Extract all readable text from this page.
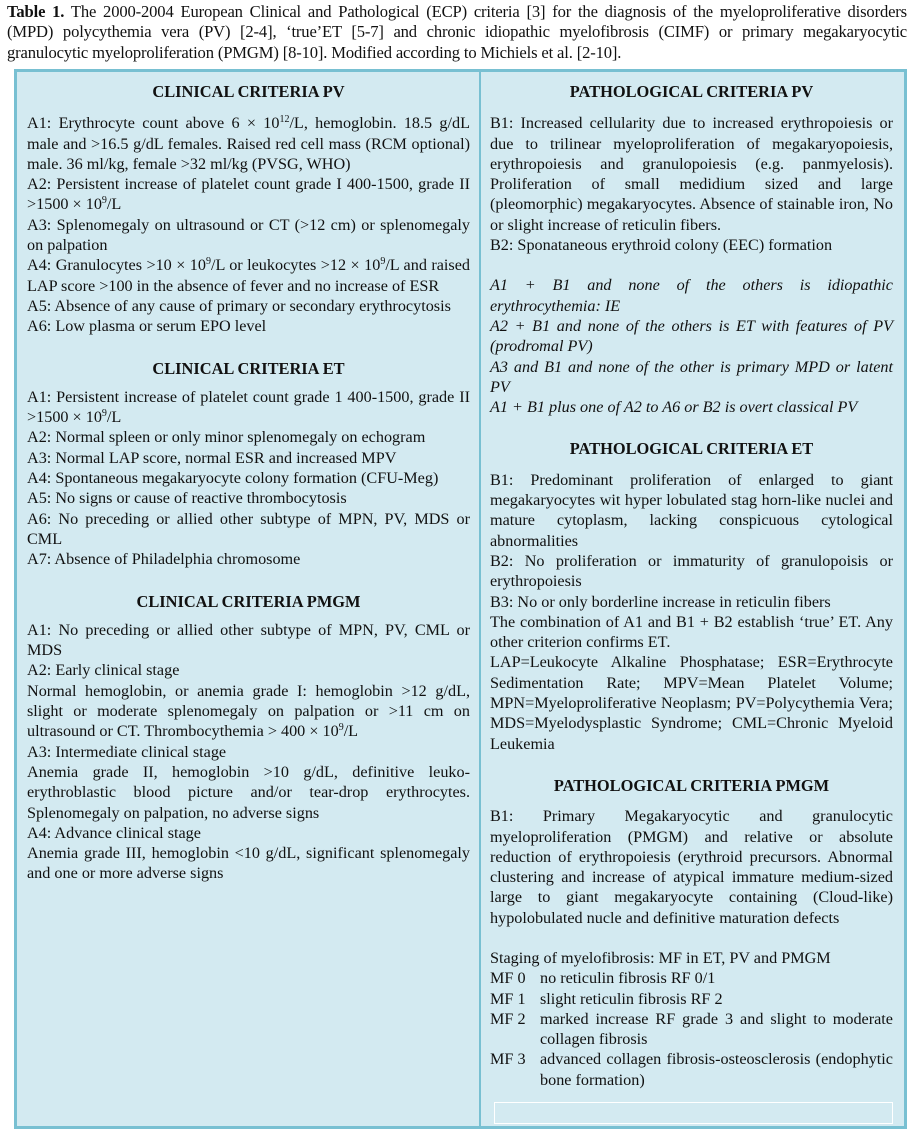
Table 1. The 2000-2004 European Clinical and Pathological (ECP) criteria [3] for the diagnosis of the myeloproliferative disorders (MPD) polycythemia vera (PV) [2-4], ‘true’ET [5-7] and chronic idiopathic myelofibrosis (CIMF) or primary megakaryocytic granulocytic myeloproliferation (PMGM) [8-10]. Modified according to Michiels et al. [2-10].
CLINICAL CRITERIA PV

A1: Erythrocyte count above $6 \times 10^{12}/L$, hemoglobin. 18.5 g/dL male and >16.5 g/dL females. Raised red cell mass (RCM optional) male. 36 ml/kg, female >32 ml/kg (PVSG, WHO)

A2: Persistent increase of platelet count grade I 400-1500, grade II $>1500 \times 10^9/L$

A3: Splenomegaly on ultrasound or CT (>12 cm) or splenomegaly on palpation

A4: Granulocytes $>10 \times 10^9/L$ or leukocytes $>12 \times 10^9/L$ and raised LAP score >100 in the absence of fever and no increase of ESR

A5: Absence of any cause of primary or secondary erythrocytosis

A6: Low plasma or serum EPO level

CLINICAL CRITERIA ET

A1: Persistent increase of platelet count grade 1 400-1500, grade II $>1500 \times 10^9/L$

A2: Normal spleen or only minor splenomegaly on echogram

A3: Normal LAP score, normal ESR and increased MPV

A4: Spontaneous megakaryocyte colony formation (CFU-Meg)

A5: No signs or cause of reactive thrombocytosis

A6: No preceding or allied other subtype of MPN, PV, MDS or CML

A7: Absence of Philadelphia chromosome

CLINICAL CRITERIA PMGM

A1: No preceding or allied other subtype of MPN, PV, CML or MDS

A2: Early clinical stage

Normal hemoglobin, or anemia grade I: hemoglobin >12 g/dL, slight or moderate splenomegaly on palpation or >11 cm on ultrasound or CT. Thrombocythemia > $400 \times 10^9/L$

A3: Intermediate clinical stage

Anemia grade II, hemoglobin >10 g/dL, definitive leuko-erythroblastic blood picture and/or tear-drop erythrocytes. Splenomegaly on palpation, no adverse signs

A4: Advance clinical stage

Anemia grade III, hemoglobin <10 g/dL, significant splenomegaly and one or more adverse signs

PATHOLOGICAL CRITERIA PV

B1: Increased cellularity due to increased erythropoiesis or due to trilinear myeloproliferation of megakaryopoiesis, erythropoiesis and granulopoiesis (e.g. panmyelosis). Proliferation of small medidium sized and large (pleomorphic) megakaryocytes. Absence of stainable iron, No or slight increase of reticulin fibers.

B2: Sponataneous erythroid colony (EEC) formation

A1 + B1 and none of the others is idiopathic erythrocythemia: IE

A2 + B1 and none of the others is ET with features of PV (prodromal PV)

A3 and B1 and none of the other is primary MPD or latent PV

A1 + B1 plus one of A2 to A6 or B2 is overt classical PV

PATHOLOGICAL CRITERIA ET

B1: Predominant proliferation of enlarged to giant megakaryocytes wit hyper lobulated stag horn-like nuclei and mature cytoplasm, lacking conspicuous cytological abnormalities

B2: No proliferation or immaturity of granulopoisis or erythropoiesis

B3: No or only borderline increase in reticulin fibers

The combination of A1 and B1 + B2 establish ‘true’ ET. Any other criterion confirms ET.

LAP=Leukocyte Alkaline Phosphatase; ESR=Erythrocyte Sedimentation Rate; MPV=Mean Platelet Volume; MPN=Myeloproliferative Neoplasm; PV=Polycythemia Vera; MDS=Myelodysplastic Syndrome; CML=Chronic Myeloid Leukemia

PATHOLOGICAL CRITERIA PMGM

B1: Primary Megakaryocytic and granulocytic myeloproliferation (PMGM) and relative or absolute reduction of erythropoiesis (erythroid precursors. Abnormal clustering and increase of atypical immature medium-sized large to giant megakaryocyte containing (Cloud-like) hypolobulated nucle and definitive maturation defects

Staging of myelofibrosis: MF in ET, PV and PMGM

MF 0 no reticulin fibrosis RF 0/1
MF 1 slight reticulin fibrosis RF 2
MF 2 marked increase RF grade 3 and slight to moderate collagen fibrosis
MF 3 advanced collagen fibrosis-osteosclerosis (endophytic bone formation)
